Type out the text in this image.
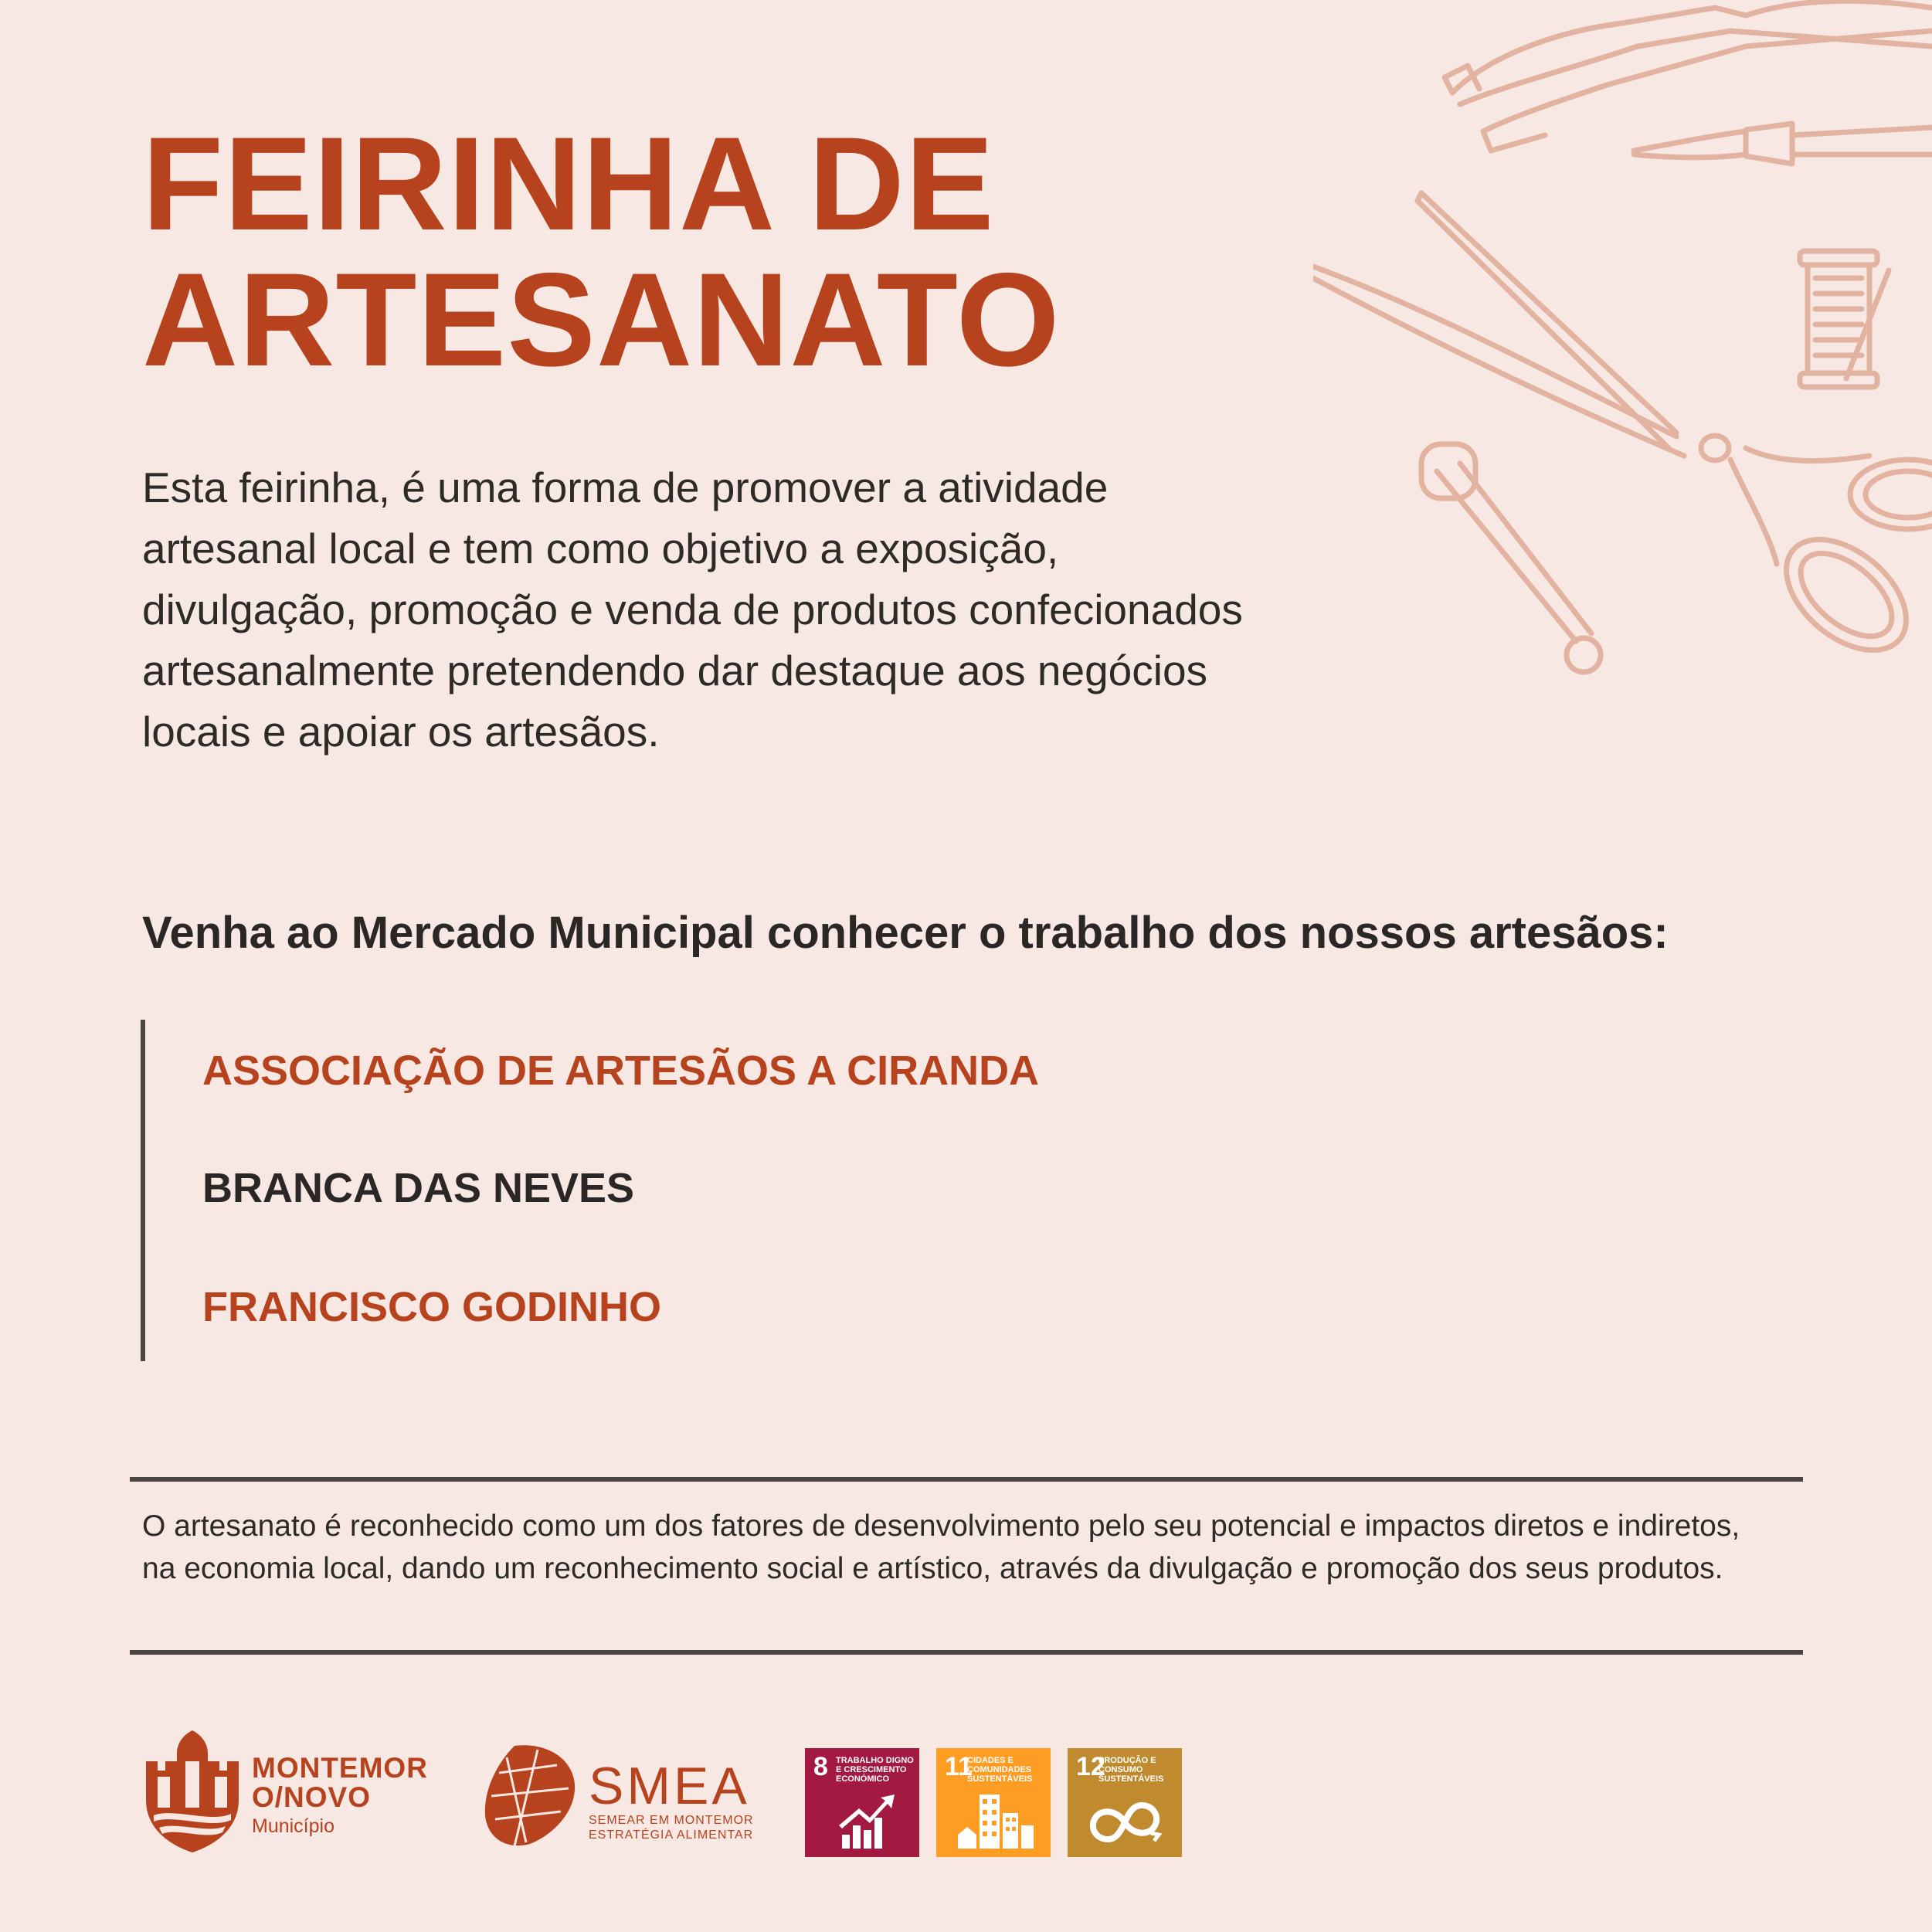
FEIRINHA DE
ARTESANATO

Esta feirinha, é uma forma de promover a atividade artesanal local e tem como objetivo a exposição, divulgação, promoção e venda de produtos confecionados artesanalmente pretendendo dar destaque aos negócios locais e apoiar os artesãos.

Venha ao Mercado Municipal conhecer o trabalho dos nossos artesãos:

ASSOCIAÇÃO DE ARTESÃOS A CIRANDA
BRANCA DAS NEVES
FRANCISCO GODINHO

O artesanato é reconhecido como um dos fatores de desenvolvimento pelo seu potencial e impactos diretos e indiretos, na economia local, dando um reconhecimento social e artístico, através da divulgação e promoção dos seus produtos.

MONTEMOR
O/NOVO
Município
SMEA
SEMEAR EM MONTEMOR
ESTRATÉGIA ALIMENTAR
8 TRABALHO DIGNO E CRESCIMENTO ECONÓMICO	11
CIDADES E COMUNIDADES SUSTENTÁVEIS	12
PRODUÇÃO E CONSUMO SUSTENTÁVEIS
